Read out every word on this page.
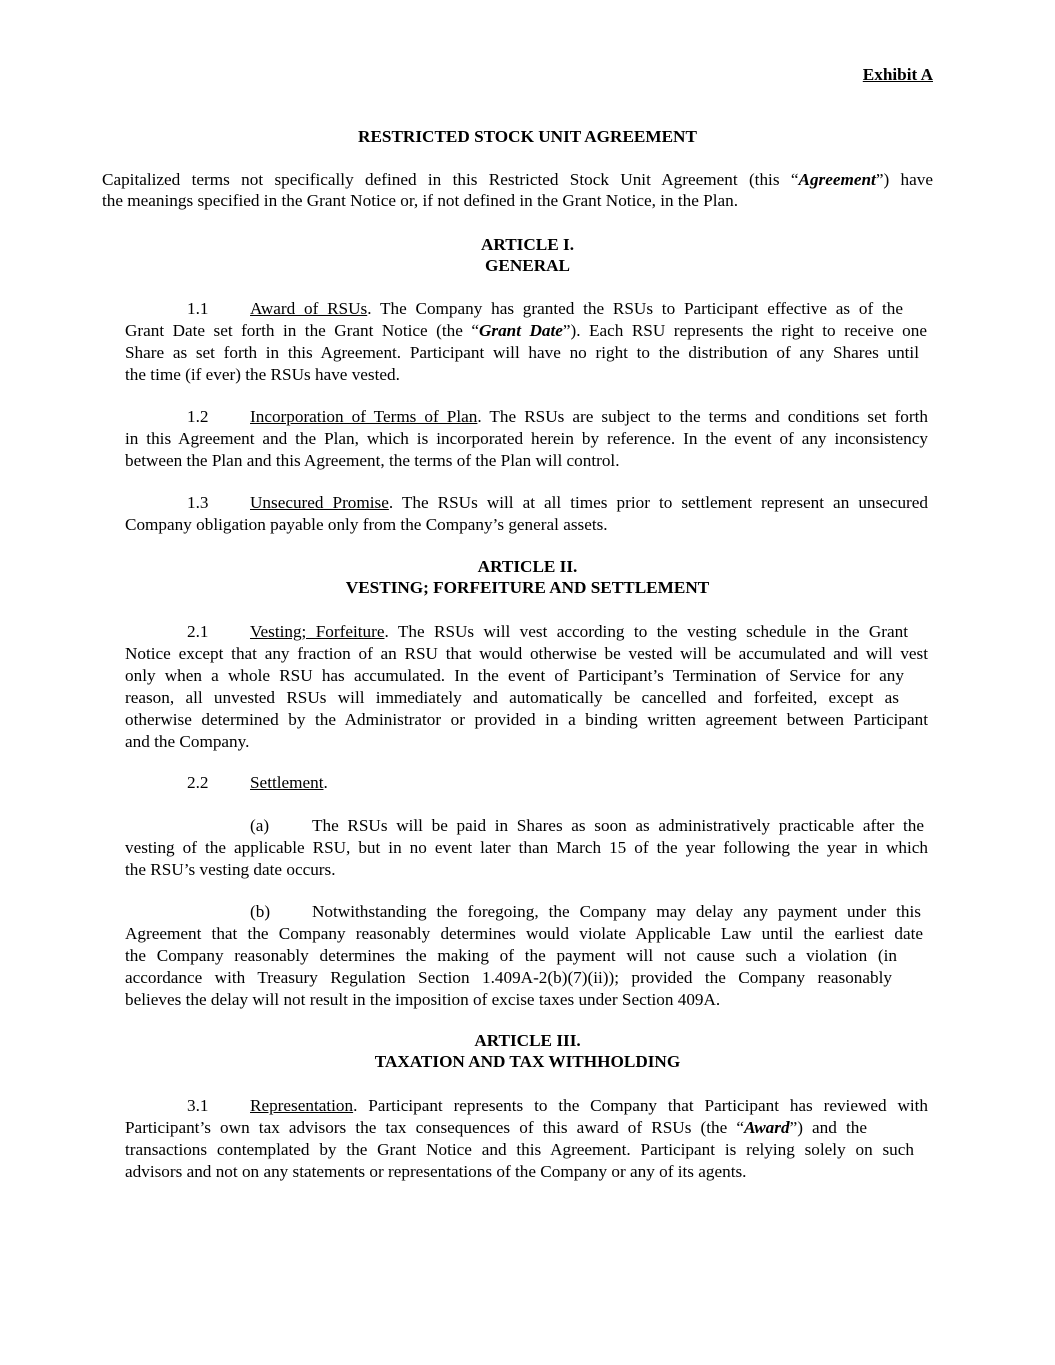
Exhibit A
RESTRICTED STOCK UNIT AGREEMENT
Capitalized terms not specifically defined in this Restricted Stock Unit Agreement (this “Agreement”) have
the meanings specified in the Grant Notice or, if not defined in the Grant Notice, in the Plan.
ARTICLE I.
GENERAL
1.1 Award of RSUs. The Company has granted the RSUs to Participant effective as of the
Grant Date set forth in the Grant Notice (the “Grant Date”). Each RSU represents the right to receive one
Share as set forth in this Agreement. Participant will have no right to the distribution of any Shares until
the time (if ever) the RSUs have vested.
1.2 Incorporation of Terms of Plan. The RSUs are subject to the terms and conditions set forth
in this Agreement and the Plan, which is incorporated herein by reference. In the event of any inconsistency
between the Plan and this Agreement, the terms of the Plan will control.
1.3 Unsecured Promise. The RSUs will at all times prior to settlement represent an unsecured
Company obligation payable only from the Company’s general assets.
ARTICLE II.
VESTING; FORFEITURE AND SETTLEMENT
2.1 Vesting; Forfeiture. The RSUs will vest according to the vesting schedule in the Grant
Notice except that any fraction of an RSU that would otherwise be vested will be accumulated and will vest
only when a whole RSU has accumulated. In the event of Participant’s Termination of Service for any
reason, all unvested RSUs will immediately and automatically be cancelled and forfeited, except as
otherwise determined by the Administrator or provided in a binding written agreement between Participant
and the Company.
2.2 Settlement.
(a) The RSUs will be paid in Shares as soon as administratively practicable after the
vesting of the applicable RSU, but in no event later than March 15 of the year following the year in which
the RSU’s vesting date occurs.
(b) Notwithstanding the foregoing, the Company may delay any payment under this
Agreement that the Company reasonably determines would violate Applicable Law until the earliest date
the Company reasonably determines the making of the payment will not cause such a violation (in
accordance with Treasury Regulation Section 1.409A-2(b)(7)(ii)); provided the Company reasonably
believes the delay will not result in the imposition of excise taxes under Section 409A.
ARTICLE III.
TAXATION AND TAX WITHHOLDING
3.1 Representation. Participant represents to the Company that Participant has reviewed with
Participant’s own tax advisors the tax consequences of this award of RSUs (the “Award”) and the
transactions contemplated by the Grant Notice and this Agreement. Participant is relying solely on such
advisors and not on any statements or representations of the Company or any of its agents.
